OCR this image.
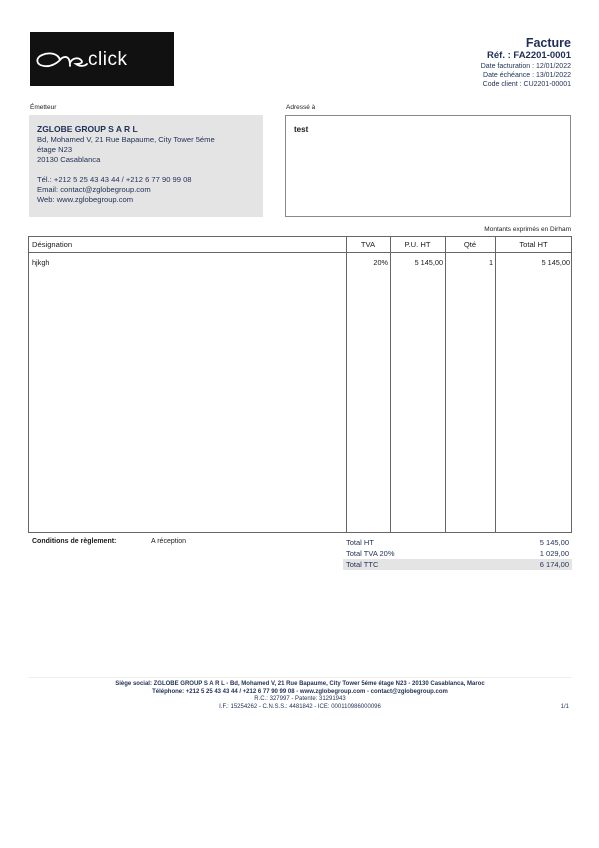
click
Facture
Réf. : FA2201-0001
Date facturation : 12/01/2022
Date échéance : 13/01/2022
Code client : CU2201-00001
Émetteur
ZGLOBE GROUP S A R L
Bd, Mohamed V, 21 Rue Bapaume, City Tower 5éme
étage N23
20130 Casablanca
Tél.: +212 5 25 43 43 44 / +212 6 77 90 99 08
Email: contact@zglobegroup.com
Web: www.zglobegroup.com
Adressé à
test
Montants exprimés en Dirham
Désignation	TVA	P.U. HT	Qté	Total HT
hjkgh	20%	5 145,00	1	5 145,00
Conditions de règlement:	A réception	Total HT	5 145,00
Total TVA 20%	1 029,00
Total TTC	6 174,00
Siège social: ZGLOBE GROUP S A R L - Bd, Mohamed V, 21 Rue Bapaume, City Tower 5éme étage N23 - 20130 Casablanca, Maroc
Téléphone: +212 5 25 43 43 44 / +212 6 77 90 99 08 - www.zglobegroup.com - contact@zglobegroup.com
R.C.: 327997 - Patente: 31291943
I.F.: 15254262 - C.N.S.S.: 4481842 - ICE: 000110986000096	1/1
